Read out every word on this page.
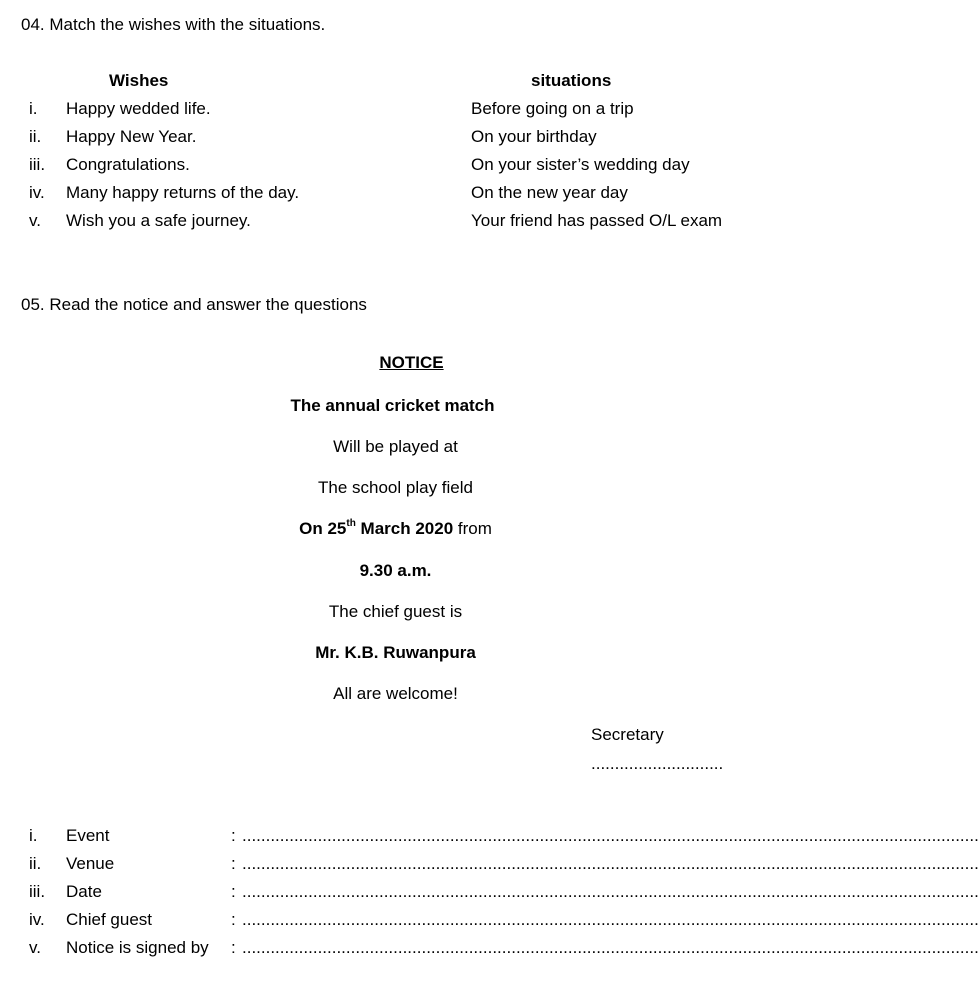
04. Match the wishes with the situations.
Wishes	situations
i. Happy wedded life.	Before going on a trip
ii. Happy New Year.	On your birthday
iii. Congratulations.	On your sister’s wedding day
iv. Many happy returns of the day.	On the new year day
v. Wish you a safe journey.	Your friend has passed O/L exam
05. Read the notice and answer the questions
NOTICE
The annual cricket match
Will be played at
The school play field
On 25th March 2020 from
9.30 a.m.
The chief guest is
Mr. K.B. Ruwanpura
All are welcome!
Secretary
............................
i. Event	: ............................................................................................................................................................
ii. Venue	: ............................................................................................................................................................
iii. Date	: ............................................................................................................................................................
iv. Chief guest	: ............................................................................................................................................................
v. Notice is signed by : ............................................................................................................................................................
